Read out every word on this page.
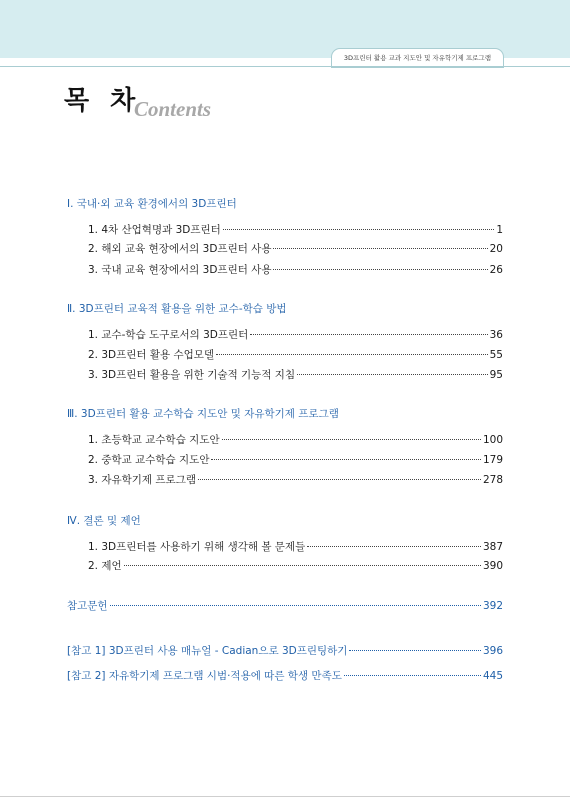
3D프린터 활용 교과 지도안 및 자유학기제 프로그램
목 차
Contents
Ⅰ. 국내·외 교육 환경에서의 3D프린터
1. 4차 산업혁명과 3D프린터	1
2. 해외 교육 현장에서의 3D프린터 사용	20
3. 국내 교육 현장에서의 3D프린터 사용	26
Ⅱ. 3D프린터 교육적 활용을 위한 교수-학습 방법
1. 교수-학습 도구로서의 3D프린터	36
2. 3D프린터 활용 수업모델	55
3. 3D프린터 활용을 위한 기술적 기능적 지침	95
Ⅲ. 3D프린터 활용 교수학습 지도안 및 자유학기제 프로그램
1. 초등학교 교수학습 지도안	100
2. 중학교 교수학습 지도안	179
3. 자유학기제 프로그램	278
Ⅳ. 결론 및 제언
1. 3D프린터를 사용하기 위해 생각해 볼 문제들	387
2. 제언	390
참고문헌	392
[참고 1] 3D프린터 사용 매뉴얼 - Cadian으로 3D프린팅하기	396
[참고 2] 자유학기제 프로그램 시범·적용에 따른 학생 만족도	445
